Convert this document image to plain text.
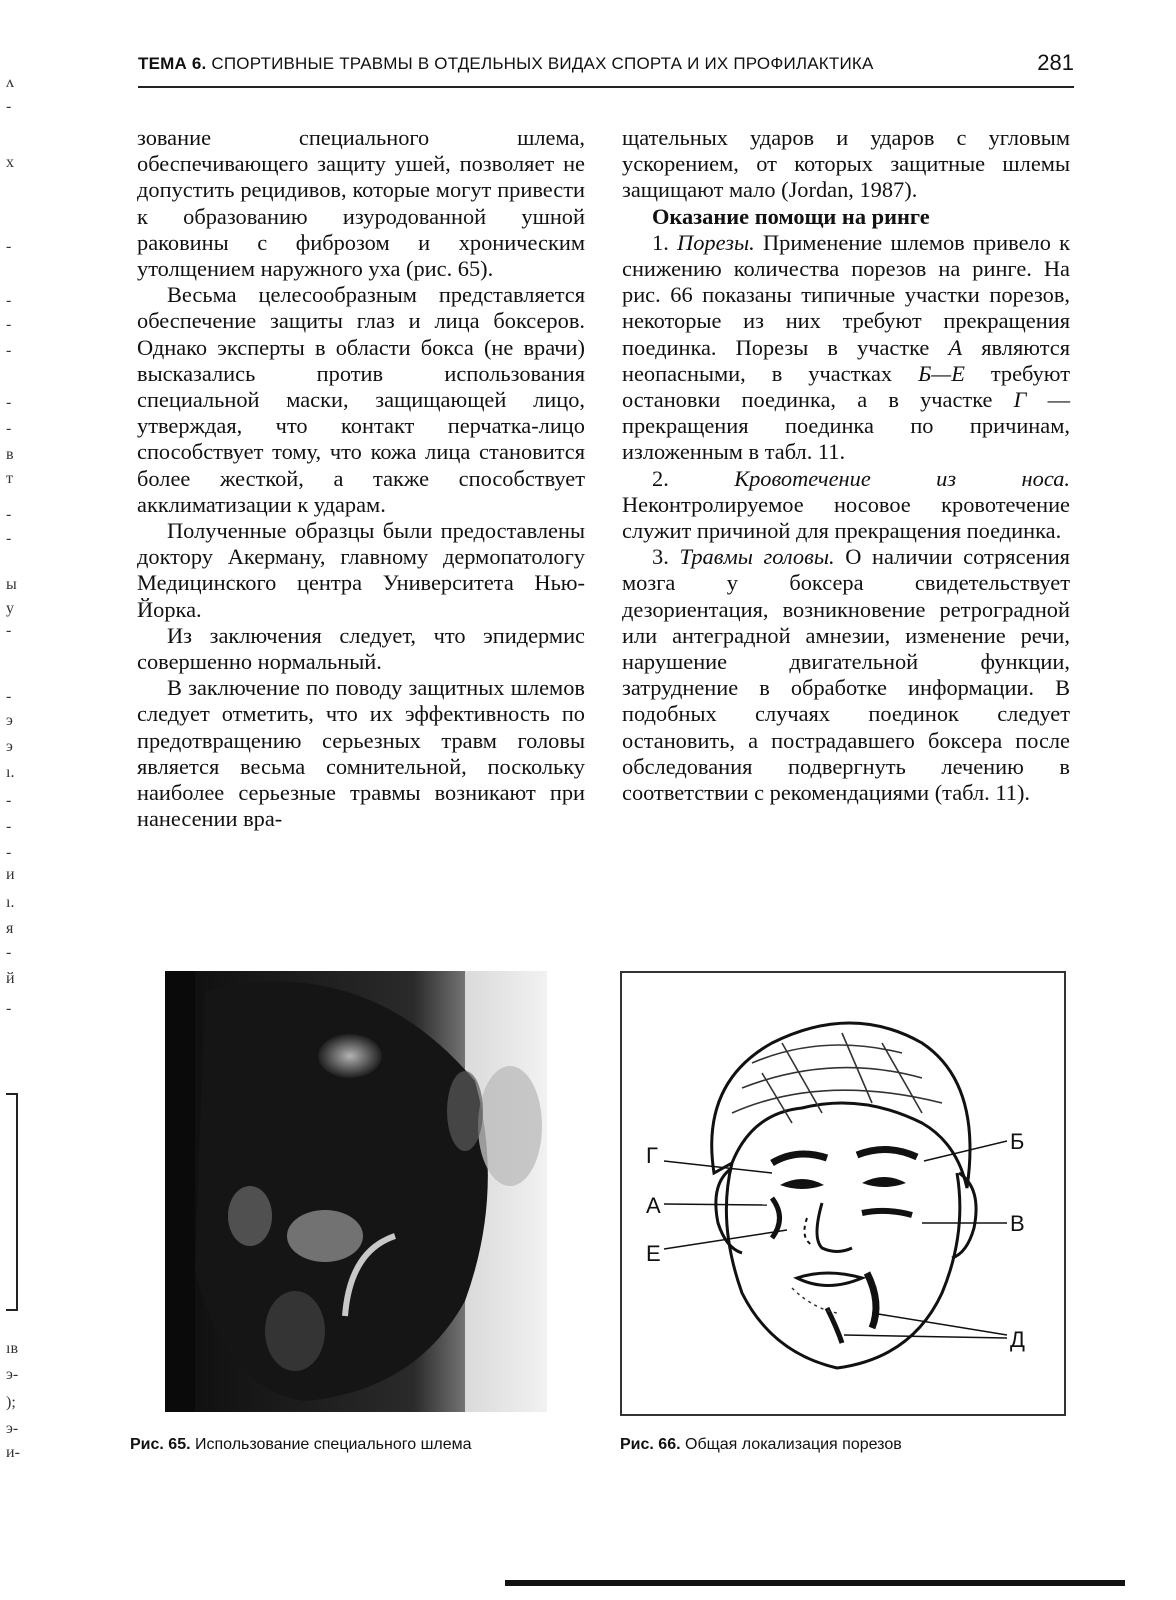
ТЕМА 6. СПОРТИВНЫЕ ТРАВМЫ В ОТДЕЛЬНЫХ ВИДАХ СПОРТА И ИХ ПРОФИЛАКТИКА	281
ʌ
-
х
-
-
-
-
-
-
в
т
-
-
ы
у
-
-
э
э
ı.
-
-
-
и
ı.
я
-
й
-
ıв
э-
);
э-
и-

зование специального шлема, обеспечивающего защиту ушей, позволяет не допустить рецидивов, которые могут привести к образованию изуродованной ушной раковины с фиброзом и хроническим утолщением наружного уха (рис. 65).

Весьма целесообразным представляется обеспечение защиты глаз и лица боксеров. Однако эксперты в области бокса (не врачи) высказались против использования специальной маски, защищающей лицо, утверждая, что контакт перчатка-лицо способствует тому, что кожа лица становится более жесткой, а также способствует акклиматизации к ударам.

Полученные образцы были предоставлены доктору Акерману, главному дермопатологу Медицинского центра Университета Нью-Йорка.

Из заключения следует, что эпидермис совершенно нормальный.

В заключение по поводу защитных шлемов следует отметить, что их эффективность по предотвращению серьезных травм головы является весьма сомнительной, поскольку наиболее серьезные травмы возникают при нанесении вра-

щательных ударов и ударов с угловым ускорением, от которых защитные шлемы защищают мало (Jordan, 1987).

Оказание помощи на ринге

1. Порезы. Применение шлемов привело к снижению количества порезов на ринге. На рис. 66 показаны типичные участки порезов, некоторые из них требуют прекращения поединка. Порезы в участке А являются неопасными, в участках Б—Е требуют остановки поединка, а в участке Г — прекращения поединка по причинам, изложенным в табл. 11.

2.	Кровотечение из носа. Неконтролируемое носовое кровотечение служит причиной для прекращения поединка.

3. Травмы головы. О наличии сотрясения мозга у боксера свидетельствует дезориентация, возникновение ретроградной или антеградной амнезии, изменение речи, нарушение двигательной функции, затруднение в обработке информации. В подобных случаях поединок следует остановить, а пострадавшего боксера после обследования подвергнуть лечению в соответствии с рекомендациями (табл. 11).

Г
А
Е
Б
В
Д
Рис. 65. Использование специального шлема	Рис. 66. Общая локализация порезов
